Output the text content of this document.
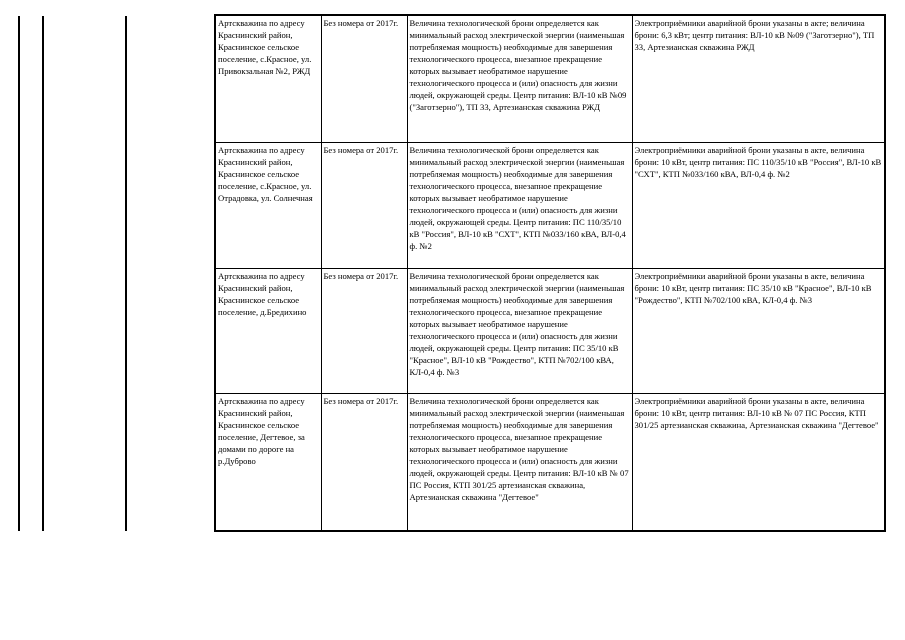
Артскважина по адресу Краснинский район, Краснинское сельское поселение, с.Красное, ул. Привокзальная №2, РЖД	Без номера от 2017г.	Величина технологической брони определяется как минимальный расход электрической энергии (наименьшая потребляемая мощность) необходимые для завершения технологического процесса, внезапное прекращение которых вызывает необратимое нарушение технологического процесса и (или) опасность для жизни людей, окружающей среды. Центр питания: ВЛ-10 кВ №09 ("Заготзерно"), ТП 33, Артезианская скважина РЖД	Электроприёмники аварийной брони указаны в акте; величина брони: 6,3 кВт; центр питания: ВЛ-10 кВ №09 ("Заготзерно"), ТП 33, Артезианская скважина РЖД
Артскважина по адресу Краснинский район, Краснинское сельское поселение, с.Красное, ул. Отрадовка, ул. Солнечная	Без номера от 2017г.	Величина технологической брони определяется как минимальный расход электрической энергии (наименьшая потребляемая мощность) необходимые для завершения технологического процесса, внезапное прекращение которых вызывает необратимое нарушение технологического процесса и (или) опасность для жизни людей, окружающей среды. Центр питания: ПС 110/35/10 кВ "Россия", ВЛ-10 кВ "СХТ", КТП №033/160 кВА, ВЛ-0,4 ф. №2	Электроприёмники аварийной брони указаны в акте, величина брони: 10 кВт, центр питания: ПС 110/35/10 кВ "Россия", ВЛ-10 кВ "СХТ", КТП №033/160 кВА, ВЛ-0,4 ф. №2
Артскважина по адресу Краснинский район, Краснинское сельское поселение, д.Бредихино	Без номера от 2017г.	Величина технологической брони определяется как минимальный расход электрической энергии (наименьшая потребляемая мощность) необходимые для завершения технологического процесса, внезапное прекращение которых вызывает необратимое нарушение технологического процесса и (или) опасность для жизни людей, окружающей среды. Центр питания: ПС 35/10 кВ "Красное", ВЛ-10 кВ "Рождество", КТП №702/100 кВА, КЛ-0,4 ф. №3	Электроприёмники аварийной брони указаны в акте, величина брони: 10 кВт, центр питания: ПС 35/10 кВ "Красное", ВЛ-10 кВ "Рождество", КТП №702/100 кВА, КЛ-0,4 ф. №3
Артскважина по адресу Краснинский район, Краснинское сельское поселение, Дегтевое, за домами по дороге на р.Дуброво	Без номера от 2017г.	Величина технологической брони определяется как минимальный расход электрической энергии (наименьшая потребляемая мощность) необходимые для завершения технологического процесса, внезапное прекращение которых вызывает необратимое нарушение технологического процесса и (или) опасность для жизни людей, окружающей среды. Центр питания: ВЛ-10 кВ № 07 ПС Россия, КТП 301/25 артезианская скважина, Артезианская скважина "Дегтевое"	Электроприёмники аварийной брони указаны в акте, величина брони: 10 кВт, центр питания: ВЛ-10 кВ № 07 ПС Россия, КТП 301/25 артезианская скважина, Артезианская скважина "Дегтевое"
